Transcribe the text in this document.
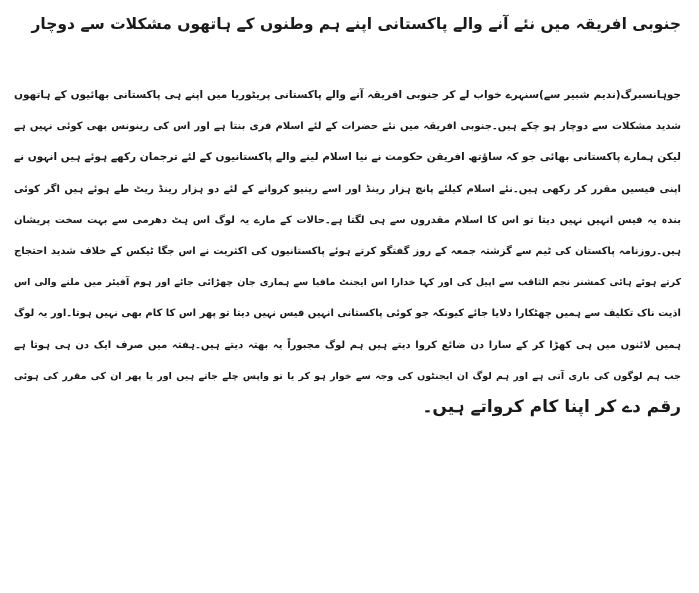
جنوبی افریقہ میں نئے آنے والے پاکستانی اپنے ہم وطنوں کے ہاتھوں مشکلات سے دوچار
جوہانسبرگ(ندیم شبیر سے)سنہرے خواب لے کر جنوبی افریقہ آنے والے پاکستانی پریٹوریا میں اپنے ہی پاکستانی بھائیوں کے ہاتھوں
شدید مشکلات سے دوچار ہو چکے ہیں۔جنوبی افریقہ میں نئے حضرات کے لئے اسلام فری بنتا ہے اور اس کی رینونس بھی کوئی نہیں ہے
لیکن ہمارے پاکستانی بھائی جو کہ ساؤتھ افریقن حکومت نے نیا اسلام لینے والے پاکستانیوں کے لئے ترجمان رکھے ہوئے ہیں انہوں نے
اپنی فیسیں مقرر کر رکھی ہیں۔نئے اسلام کیلئے پانچ ہزار رینڈ اور اسے رینیو کروانے کے لئے دو ہزار رینڈ ریٹ طے ہوئے ہیں اگر کوئی
بندہ یہ فیس انہیں نہیں دیتا تو اس کا اسلام مقدروں سے ہی لگتا ہے۔حالات کے مارے یہ لوگ اس ہٹ دھرمی سے بہت سخت پریشان
ہیں۔روزنامہ پاکستان کی ٹیم سے گزشتہ جمعہ کے روز گفتگو کرتے ہوئے پاکستانیوں کی اکثریت نے اس جگا ٹیکس کے خلاف شدید احتجاج
کرتے ہوئے ہائی کمشنر نجم الثاقب سے اپیل کی اور کہا خدارا اس ایجنٹ مافیا سے ہماری جان چھڑائی جائے اور ہوم آفیئر میں ملنے والی اس
اذیت ناک تکلیف سے ہمیں چھٹکارا دلایا جائے کیونکہ جو کوئی پاکستانی انہیں فیس نہیں دیتا تو پھر اس کا کام بھی نہیں ہوتا۔اور یہ لوگ
ہمیں لائنوں میں ہی کھڑا کر کے سارا دن ضائع کروا دیتے ہیں ہم لوگ مجبوراً یہ بھتہ دیتے ہیں۔ہفتہ میں صرف ایک دن ہی ہوتا ہے
جب ہم لوگوں کی باری آتی ہے اور ہم لوگ ان ایجنٹوں کی وجہ سے خوار ہو کر یا تو واپس چلے جاتے ہیں اور یا پھر ان کی مقرر کی ہوئی
رقم دے کر اپنا کام کرواتے ہیں۔
